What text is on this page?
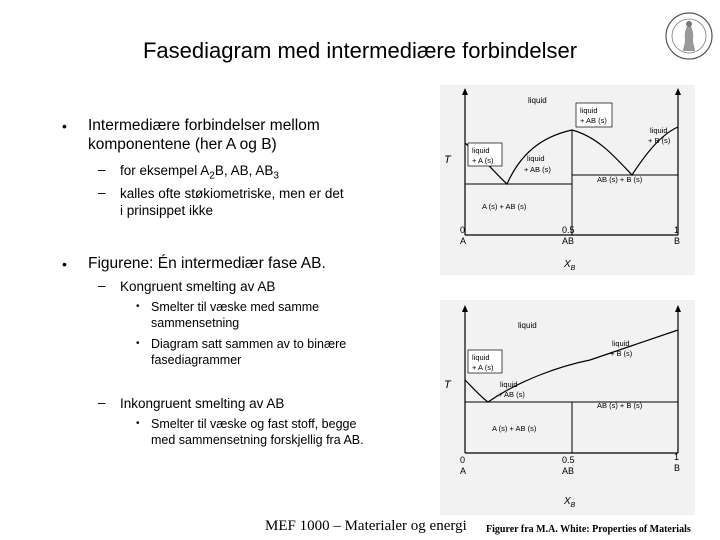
Fasediagram med intermediære forbindelser
• Intermediære forbindelser mellom
komponentene (her A og B)
– for eksempel $A_2B$, AB, $AB_3$
– kalles ofte støkiometriske, men er det
i prinsippet ikke
• Figurene: Én intermediær fase AB.
– Kongruent smelting av AB
• Smelter til væske med samme
sammensetning
• Diagram satt sammen av to binære
fasediagrammer
– Inkongruent smelting av AB
• Smelter til væske og fast stoff, begge
med sammensetning forskjellig fra AB.
liquid
liquid
+ AB (s)
liquid
+ B (s)
liquid
+ A (s)	liquid
+ AB (s)
AB (s) + B (s)
A (s) + AB (s)
T
0
A
0.5
AB
1
B
$X_B$
liquid
liquid
+ B (s)
liquid
+ A (s)
liquid
+ AB (s)
AB (s) + B (s)
A (s) + AB (s)
T
0
A
0.5
AB
1
B
$X_B$
MEF 1000 – Materialer og energi Figurer fra M.A. White: Properties of Materials
